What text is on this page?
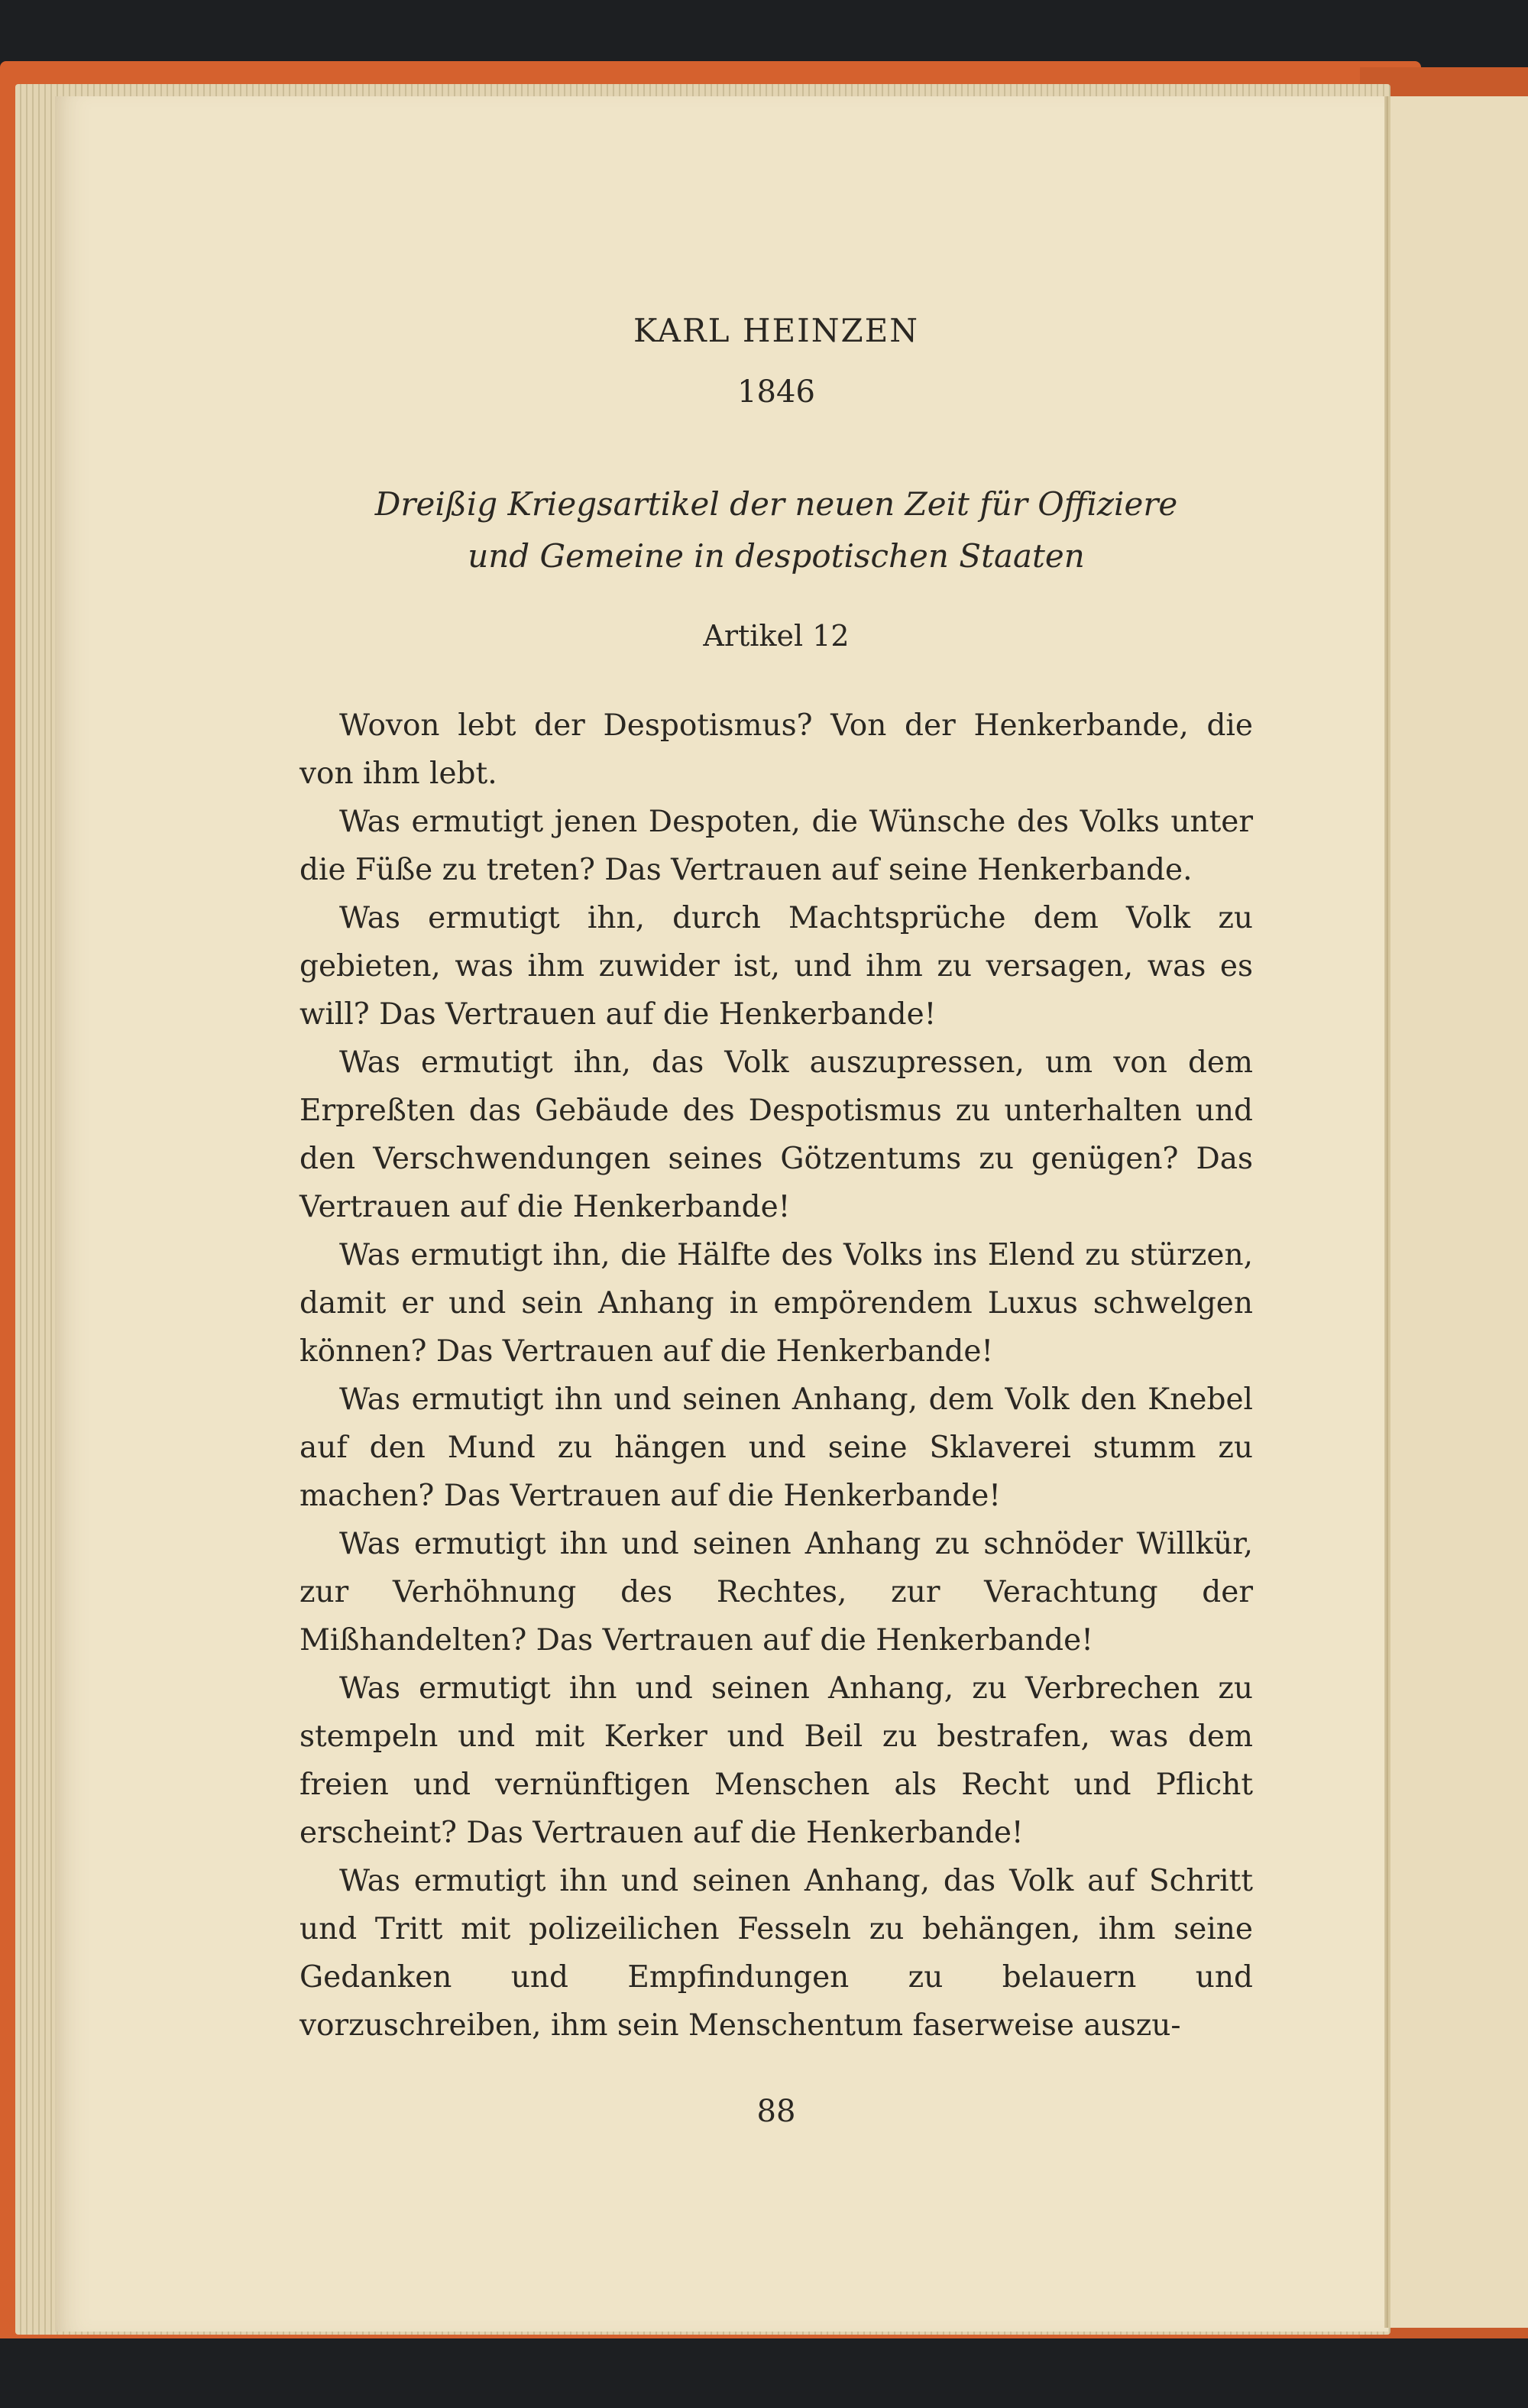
KARL HEINZEN
1846
Dreißig Kriegsartikel der neuen Zeit für Offiziere
und Gemeine in despotischen Staaten
Artikel 12

Wovon lebt der Despotismus? Von der Henkerbande, die von ihm lebt.

Was ermutigt jenen Despoten, die Wünsche des Volks unter die Füße zu treten? Das Vertrauen auf seine Henkerbande.

Was ermutigt ihn, durch Machtsprüche dem Volk zu gebieten, was ihm zuwider ist, und ihm zu versagen, was es will? Das Vertrauen auf die Henkerbande!

Was ermutigt ihn, das Volk auszupressen, um von dem Erpreßten das Gebäude des Despotismus zu unterhalten und den Verschwendungen seines Götzentums zu genügen? Das Vertrauen auf die Henkerbande!

Was ermutigt ihn, die Hälfte des Volks ins Elend zu stürzen, damit er und sein Anhang in empörendem Luxus schwelgen können? Das Vertrauen auf die Henkerbande!

Was ermutigt ihn und seinen Anhang, dem Volk den Knebel auf den Mund zu hängen und seine Sklaverei stumm zu machen? Das Vertrauen auf die Henkerbande!

Was ermutigt ihn und seinen Anhang zu schnöder Willkür, zur Verhöhnung des Rechtes, zur Verachtung der Mißhandelten? Das Vertrauen auf die Henkerbande!

Was ermutigt ihn und seinen Anhang, zu Verbrechen zu stempeln und mit Kerker und Beil zu bestrafen, was dem freien und vernünftigen Menschen als Recht und Pflicht erscheint? Das Vertrauen auf die Henkerbande!

Was ermutigt ihn und seinen Anhang, das Volk auf Schritt und Tritt mit polizeilichen Fesseln zu behängen, ihm seine Gedanken und Empfindungen zu belauern und vorzuschreiben, ihm sein Menschentum faserweise auszu-

88
